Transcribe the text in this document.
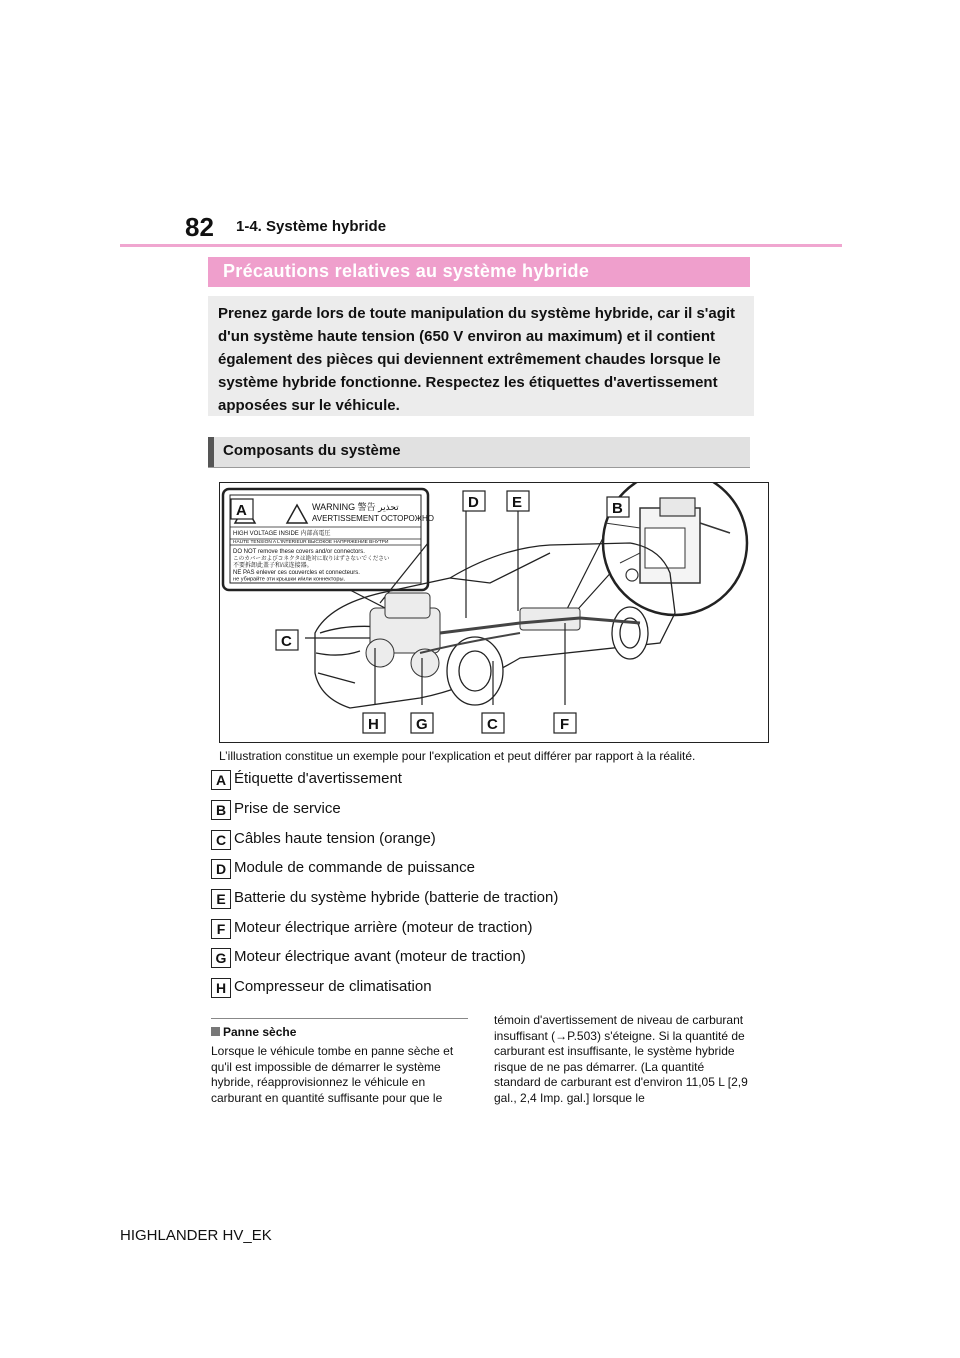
82 1-4. Système hybride
Précautions relatives au système hybride

Prenez garde lors de toute manipulation du système hybride, car il s'agit d'un système haute tension (650 V environ au maximum) et il contient également des pièces qui deviennent extrêmement chaudes lorsque le système hybride fonctionne. Respectez les étiquettes d'avertissement apposées sur le véhicule.

Composants du système
WARNING 警告 تحذير
AVERTISSEMENT ОСТОРОЖНО
HIGH VOLTAGE INSIDE 内部高電圧
HAUTE TENSION A L'INTERIEUR ВЫСОКОЕ НАПРЯЖЕНИЕ ВНУТРИ
DO NOT remove these covers and/or connectors.
このカバーおよびコネクタは絶対に取りはずさないでください
不要拆卸此盖子和/或连接器。
NE PAS enlever ces couvercles et connecteurs.
не убирайте эти крышки и/или коннекторы.
A	B
C
D E
F
G
H	C
L’illustration constitue un exemple pour l'explication et peut différer par rapport à la réalité.
A Étiquette d'avertissement
B Prise de service
C Câbles haute tension (orange)
D Module de commande de puissance
E Batterie du système hybride (batterie de traction)
F Moteur électrique arrière (moteur de traction)
G Moteur électrique avant (moteur de traction)
H Compresseur de climatisation
Panne sèche
Lorsque le véhicule tombe en panne sèche et qu'il est impossible de démarrer le système hybride, réapprovisionnez le véhicule en carburant en quantité suffisante pour que le
témoin d'avertissement de niveau de carburant insuffisant (→P.503) s'éteigne. Si la quantité de carburant est insuffisante, le système hybride risque de ne pas démarrer. (La quantité standard de carburant est d'environ 11,05 L [2,9 gal., 2,4 Imp. gal.] lorsque le
HIGHLANDER HV_EK
